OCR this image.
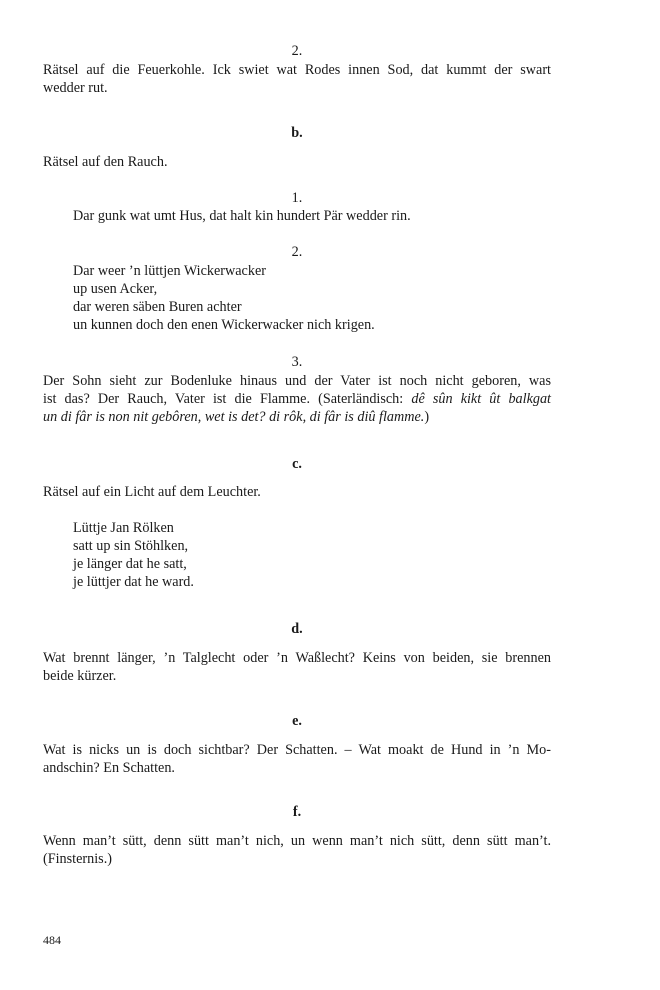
2.
Rätsel auf die Feuerkohle. Ick swiet wat Rodes innen Sod, dat kummt der swart
wedder rut.
b.
Rätsel auf den Rauch.
1.
Dar gunk wat umt Hus, dat halt kin hundert Pär wedder rin.
2.
Dar weer ’n lüttjen Wickerwacker
up usen Acker,
dar weren säben Buren achter
un kunnen doch den enen Wickerwacker nich krigen.
3.
Der Sohn sieht zur Bodenluke hinaus und der Vater ist noch nicht geboren, was
ist das? Der Rauch, Vater ist die Flamme. (Saterländisch: dê sûn kikt ût balkgat
un di fâr is non nit gebôren, wet is det? di rôk, di fâr is diû flamme.)
c.
Rätsel auf ein Licht auf dem Leuchter.
Lüttje Jan Rölken
satt up sin Stöhlken,
je länger dat he satt,
je lüttjer dat he ward.
d.
Wat brennt länger, ’n Talglecht oder ’n Waßlecht? Keins von beiden, sie brennen
beide kürzer.
e.
Wat is nicks un is doch sichtbar? Der Schatten. – Wat moakt de Hund in ’n Mo-
andschin? En Schatten.
f.
Wenn man’t sütt, denn sütt man’t nich, un wenn man’t nich sütt, denn sütt man’t.
(Finsternis.)
484
